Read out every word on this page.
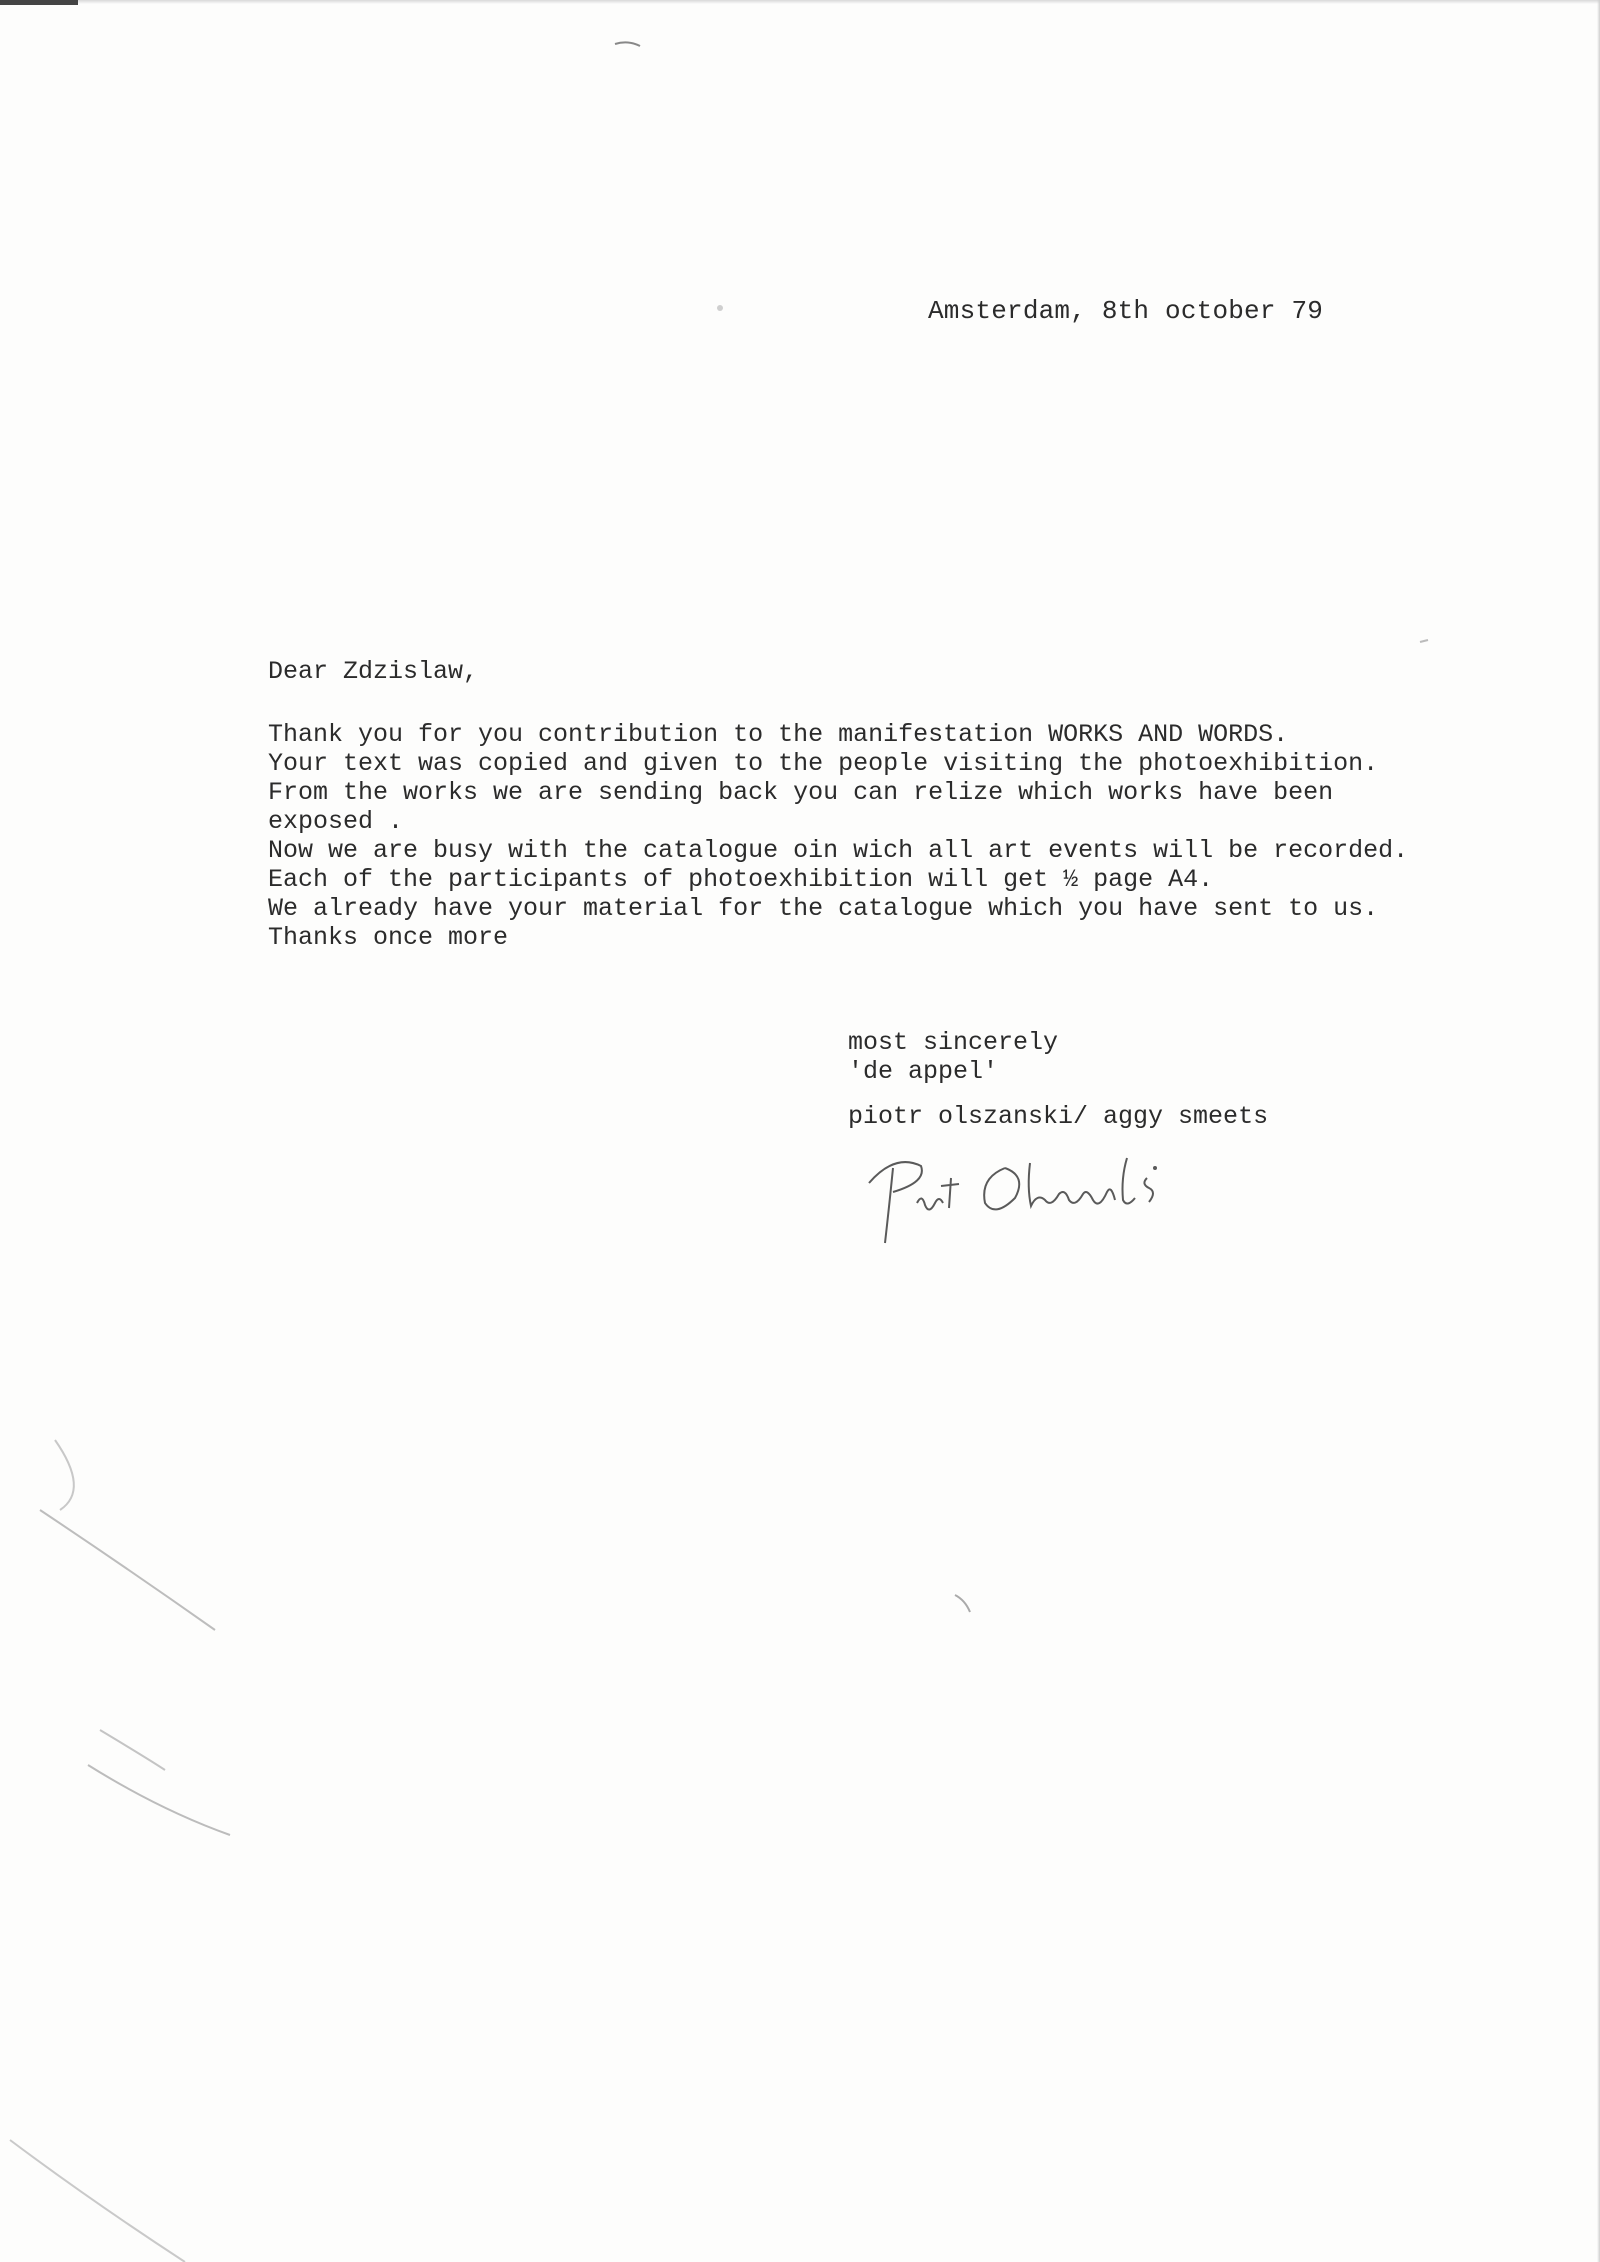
Amsterdam, 8th october 79
Dear Zdzislaw,
Thank you for you contribution to the manifestation WORKS AND WORDS.
Your text was copied and given to the people visiting the photoexhibition.
From the works we are sending back you can relize which works have been
exposed .
Now we are busy with the catalogue oin wich all art events will be recorded.
Each of the participants of photoexhibition will get ½ page A4.
We already have your material for the catalogue which you have sent to us.
Thanks once more
most sincerely
'de appel'
piotr olszanski/ aggy smeets
